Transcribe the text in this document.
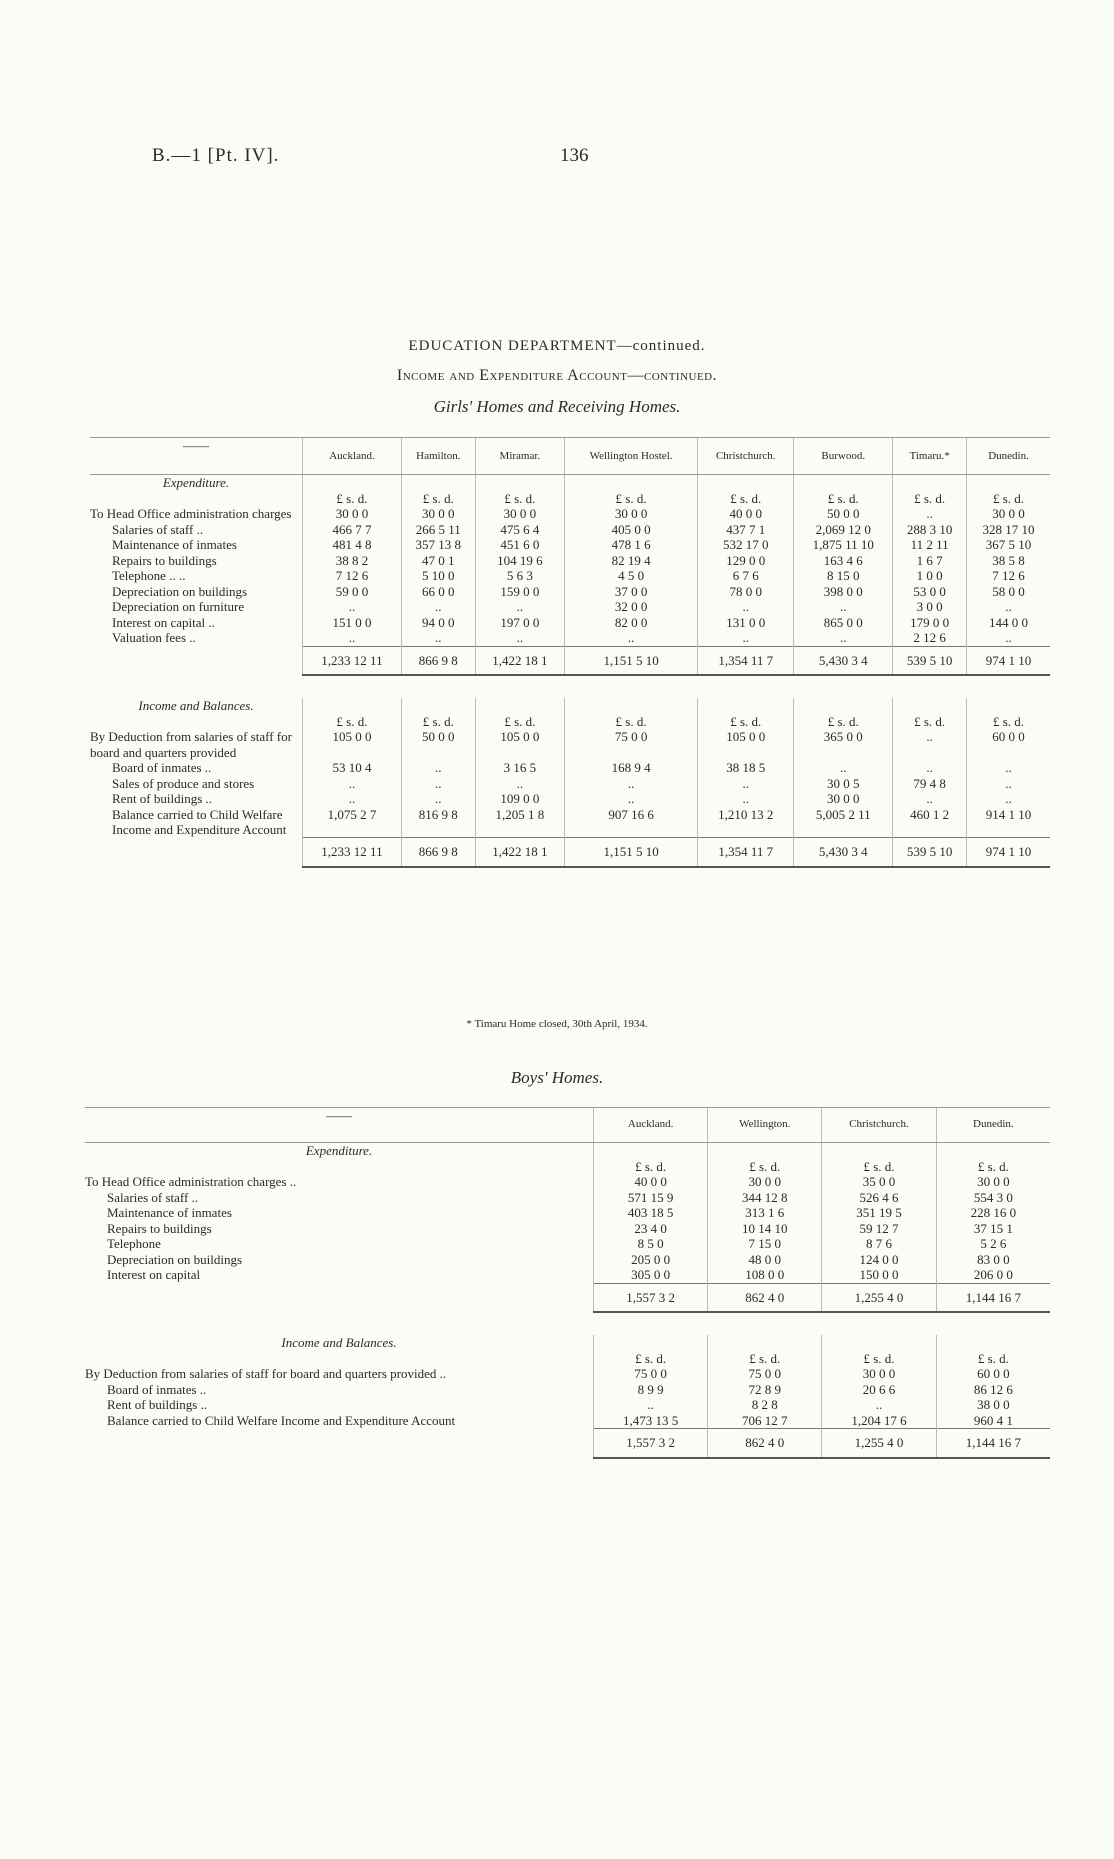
B.—1 [Pt. IV].	136
EDUCATION DEPARTMENT—continued.
Income and Expenditure Account—continued.
Girls' Homes and Receiving Homes.
——	Auckland.	Hamilton.	Miramar.	Wellington Hostel.	Christchurch.	Burwood.	Timaru.*	Dunedin.
Expenditure.								
	£ s. d.	£ s. d.	£ s. d.	£ s. d.	£ s. d.	£ s. d.	£ s. d.	£ s. d.
To Head Office administration charges	30 0 0	30 0 0	30 0 0	30 0 0	40 0 0	50 0 0	..	30 0 0
Salaries of staff ..	466 7 7	266 5 11	475 6 4	405 0 0	437 7 1	2,069 12 0	288 3 10	328 17 10
Maintenance of inmates	481 4 8	357 13 8	451 6 0	478 1 6	532 17 0	1,875 11 10	11 2 11	367 5 10
Repairs to buildings	38 8 2	47 0 1	104 19 6	82 19 4	129 0 0	163 4 6	1 6 7	38 5 8
Telephone .. ..	7 12 6	5 10 0	5 6 3	4 5 0	6 7 6	8 15 0	1 0 0	7 12 6
Depreciation on buildings	59 0 0	66 0 0	159 0 0	37 0 0	78 0 0	398 0 0	53 0 0	58 0 0
Depreciation on furniture	..	..	..	32 0 0	..	..	3 0 0	..
Interest on capital ..	151 0 0	94 0 0	197 0 0	82 0 0	131 0 0	865 0 0	179 0 0	144 0 0
Valuation fees ..	..	..	..	..	..	..	2 12 6	..
	1,233 12 11	866 9 8	1,422 18 1	1,151 5 10	1,354 11 7	5,430 3 4	539 5 10	974 1 10

Income and Balances.								
	£ s. d.	£ s. d.	£ s. d.	£ s. d.	£ s. d.	£ s. d.	£ s. d.	£ s. d.
By Deduction from salaries of staff for board and quarters provided	105 0 0	50 0 0	105 0 0	75 0 0	105 0 0	365 0 0	..	60 0 0
Board of inmates ..	53 10 4	..	3 16 5	168 9 4	38 18 5	..	..	..
Sales of produce and stores	..	..	..	..	..	30 0 5	79 4 8	..
Rent of buildings ..	..	..	109 0 0	..	..	30 0 0	..	..
Balance carried to Child Welfare Income and Expenditure Account	1,075 2 7	816 9 8	1,205 1 8	907 16 6	1,210 13 2	5,005 2 11	460 1 2	914 1 10
	1,233 12 11	866 9 8	1,422 18 1	1,151 5 10	1,354 11 7	5,430 3 4	539 5 10	974 1 10
* Timaru Home closed, 30th April, 1934.
Boys' Homes.
——	Auckland.	Wellington.	Christchurch.	Dunedin.
Expenditure.				
	£ s. d.	£ s. d.	£ s. d.	£ s. d.
To Head Office administration charges ..	40 0 0	30 0 0	35 0 0	30 0 0
Salaries of staff ..	571 15 9	344 12 8	526 4 6	554 3 0
Maintenance of inmates	403 18 5	313 1 6	351 19 5	228 16 0
Repairs to buildings	23 4 0	10 14 10	59 12 7	37 15 1
Telephone	8 5 0	7 15 0	8 7 6	5 2 6
Depreciation on buildings	205 0 0	48 0 0	124 0 0	83 0 0
Interest on capital	305 0 0	108 0 0	150 0 0	206 0 0
	1,557 3 2	862 4 0	1,255 4 0	1,144 16 7

Income and Balances.				
	£ s. d.	£ s. d.	£ s. d.	£ s. d.
By Deduction from salaries of staff for board and quarters provided ..	75 0 0	75 0 0	30 0 0	60 0 0
Board of inmates ..	8 9 9	72 8 9	20 6 6	86 12 6
Rent of buildings ..	..	8 2 8	..	38 0 0
Balance carried to Child Welfare Income and Expenditure Account	1,473 13 5	706 12 7	1,204 17 6	960 4 1
	1,557 3 2	862 4 0	1,255 4 0	1,144 16 7
